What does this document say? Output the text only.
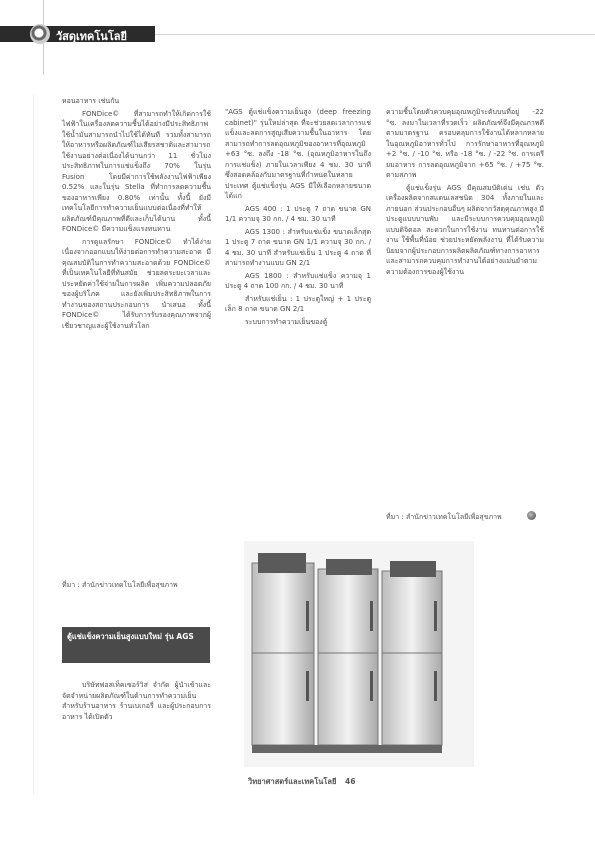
วัสดุเทคโนโลยี

หอนอาหาร เช่นกัน

FONDice© ที่สามารถทำให้เกิดการใช้ไฟฟ้าในเครื่องลดความชื้นได้อย่างมีประสิทธิภาพ ใช้น้ำมันสามารถนำไปใช้ได้ทันที รวมทั้งสามารถให้อาหารหรือผลิตภัณฑ์ไม่เสียรสชาติและสามารถใช้งานอย่างต่อเนื่องได้นานกว่า 11 ชั่วโมง ประสิทธิภาพในการแช่แข็งถึง 70% ในรุ่น Fusion โดยมีค่าการใช้พลังงานไฟฟ้าเพียง 0.52% และในรุ่น Stella ที่ทำการลดความชื้นของอาหารเพียง 0.80% เท่านั้น ทั้งนี้ ยังมีเทคโนโลยีการทำความเย็นแบบต่อเนื่องที่ทำให้ผลิตภัณฑ์มีคุณภาพที่ดีและเก็บได้นาน ทั้งนี้ FONDice© มีความแข็งแรงทนทาน

การดูแลรักษา FONDice© ทำได้ง่าย เนื่องจากออกแบบให้ง่ายต่อการทำความสะอาด มีคุณสมบัติในการทำความสะอาดด้วย FONDice© ที่เป็นเทคโนโลยีที่ทันสมัย ช่วยลดระยะเวลาและประหยัดค่าใช้จ่ายในการผลิต เพิ่มความปลอดภัยของผู้บริโภค และยังเพิ่มประสิทธิภาพในการทำงานของสถานประกอบการ นำเสนอ ทั้งนี้ FONDice© ได้รับการรับรองคุณภาพจากผู้เชี่ยวชาญและผู้ใช้งานทั่วโลก

ที่มา : สำนักข่าวเทคโนโลยีเพื่อสุขภาพ
ตู้แช่แข็งความเย็นสูงแบบใหม่ รุ่น AGS

บริษัทฟอสเท็คเซอร์วิส จำกัด ผู้นำเข้าและจัดจำหน่ายผลิตภัณฑ์ในด้านการทำความเย็นสำหรับร้านอาหาร ร้านเบเกอรี่ และผู้ประกอบการอาหาร ได้เปิดตัว

"AGS ตู้แช่แข็งความเย็นสูง (deep freezing cabinet)" รุ่นใหม่ล่าสุด ที่จะช่วยลดเวลาการแช่แข็งและลดการสูญเสียความชื้นในอาหาร โดยสามารถทำการลดอุณหภูมิของอาหารที่อุณหภูมิ +63 °ซ. ลงถึง -18 °ซ. (อุณหภูมิอาหารในถึงการแช่แข็ง) ภายในเวลาเพียง 4 ชม. 30 นาที ซึ่งสอดคล้องกับมาตรฐานที่กำหนดในหลายประเทศ ตู้แช่แข็งรุ่น AGS มีให้เลือกหลายขนาด ได้แก่

AGS 400 : 1 ประตู 7 ถาด ขนาด GN 1/1 ความจุ 30 กก. / 4 ชม. 30 นาที

AGS 1300 : สำหรับแช่แข็ง ขนาดเล็กสุด 1 ประตู 7 ถาด ขนาด GN 1/1 ความจุ 30 กก. / 4 ชม. 30 นาที สำหรับแช่เย็น 1 ประตู 4 ถาด ที่สามารถทำงานแบบ GN 2/1

AGS 1800 : สำหรับแช่แข็ง ความจุ 1 ประตู 4 ถาด 100 กก. / 4 ชม. 30 นาที

สำหรับแช่เย็น : 1 ประตูใหญ่ + 1 ประตูเล็ก 8 ถาด ขนาด GN 2/1

ระบบการทำความเย็นของตู้

ความชื้นโดยตัวควบคุมอุณหภูมิระดับบนที่อยู่ -22 °ซ. ลงมาในเวลาที่รวดเร็ว ผลิตภัณฑ์จึงมีคุณภาพดีตามมาตรฐาน ครอบคลุมการใช้งานได้หลากหลาย ในอุณหภูมิอาหารทั่วไป การรักษาอาหารที่อุณหภูมิ +2 °ซ. / -10 °ซ. หรือ -18 °ซ. / -22 °ซ. การเตรียมอาหาร การลดอุณหภูมิจาก +65 °ซ. / +75 °ซ. ตามสภาพ

ตู้แช่แข็งรุ่น AGS มีคุณสมบัติเด่น เช่น ตัวเครื่องผลิตจากสแตนเลสชนิด 304 ทั้งภายในและภายนอก ส่วนประกอบอื่นๆ ผลิตจากวัสดุคุณภาพสูง มีประตูแบบบานพับ และมีระบบการควบคุมอุณหภูมิแบบดิจิตอล สะดวกในการใช้งาน ทนทานต่อการใช้งาน ใช้พื้นที่น้อย ช่วยประหยัดพลังงาน ที่ได้รับความนิยมจากผู้ประกอบการผลิตผลิตภัณฑ์ทางการอาหาร และสามารถควบคุมการทำงานได้อย่างแม่นยำตามความต้องการของผู้ใช้งาน

ที่มา : สำนักข่าวเทคโนโลยีเพื่อสุขภาพ
วิทยาศาสตร์และเทคโนโลยี 46
